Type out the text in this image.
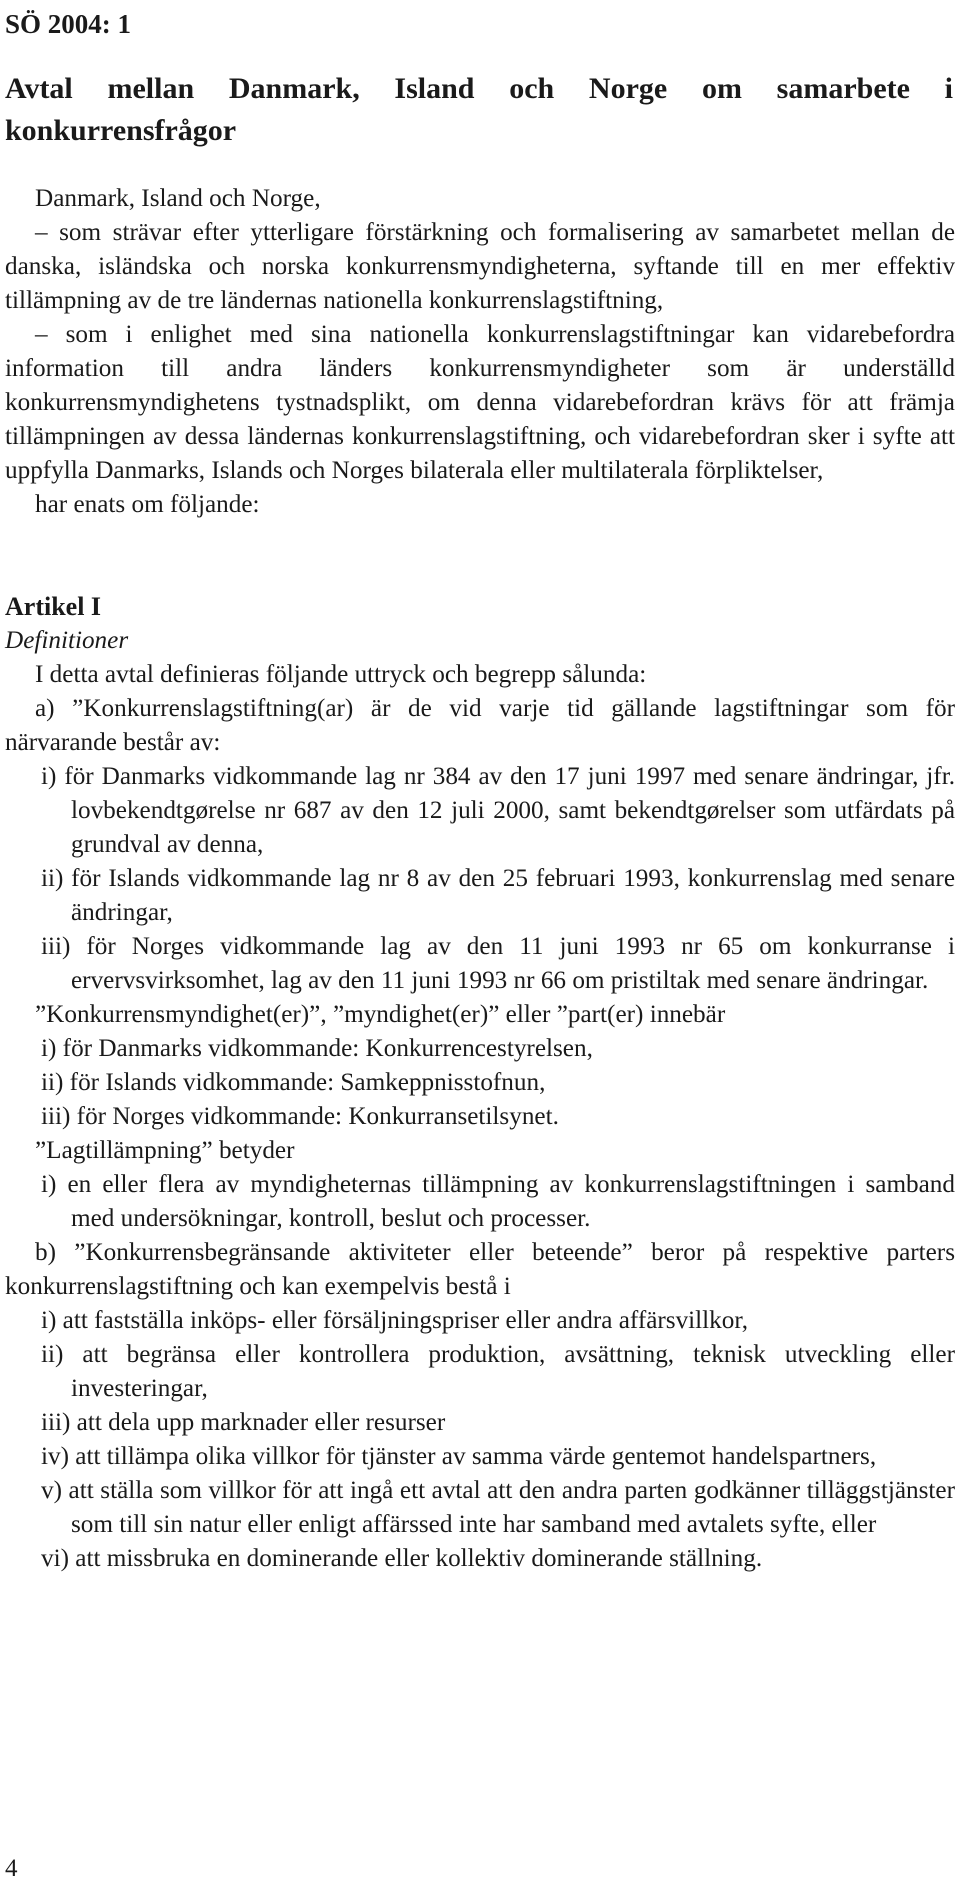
SÖ 2004: 1
Avtal mellan Danmark, Island och Norge om samarbete i konkurrensfrågor

Danmark, Island och Norge,

– som strävar efter ytterligare förstärkning och formalisering av samarbetet mellan de danska, isländska och norska konkurrensmyndigheterna, syftande till en mer effektiv tillämpning av de tre ländernas nationella konkurrenslagstiftning,

– som i enlighet med sina nationella konkurrenslagstiftningar kan vidarebefordra information till andra länders konkurrensmyndigheter som är underställd konkurrensmyndighetens tystnadsplikt, om denna vidarebefordran krävs för att främja tillämpningen av dessa ländernas konkurrenslagstiftning, och vidarebefordran sker i syfte att uppfylla Danmarks, Islands och Norges bilaterala eller multilaterala förpliktelser,

har enats om följande:

Artikel I

Definitioner

I detta avtal definieras följande uttryck och begrepp sålunda:

a) ”Konkurrenslagstiftning(ar) är de vid varje tid gällande lagstiftningar som för närvarande består av:

i) för Danmarks vidkommande lag nr 384 av den 17 juni 1997 med senare ändringar, jfr. lovbekendtgørelse nr 687 av den 12 juli 2000, samt bekendtgørelser som utfärdats på grundval av denna,

ii) för Islands vidkommande lag nr 8 av den 25 februari 1993, konkurrenslag med senare ändringar,

iii) för Norges vidkommande lag av den 11 juni 1993 nr 65 om konkurranse i ervervsvirksomhet, lag av den 11 juni 1993 nr 66 om pristiltak med senare ändringar.

”Konkurrensmyndighet(er)”, ”myndighet(er)” eller ”part(er) innebär

i) för Danmarks vidkommande: Konkurrencestyrelsen,

ii) för Islands vidkommande: Samkeppnisstofnun,

iii) för Norges vidkommande: Konkurransetilsynet.

”Lagtillämpning” betyder

i) en eller flera av myndigheternas tillämpning av konkurrenslagstiftningen i samband med undersökningar, kontroll, beslut och processer.

b) ”Konkurrensbegränsande aktiviteter eller beteende” beror på respektive parters konkurrenslagstiftning och kan exempelvis bestå i

i) att fastställa inköps- eller försäljningspriser eller andra affärsvillkor,

ii) att begränsa eller kontrollera produktion, avsättning, teknisk utveckling eller investeringar,

iii) att dela upp marknader eller resurser

iv) att tillämpa olika villkor för tjänster av samma värde gentemot handelspartners,

v) att ställa som villkor för att ingå ett avtal att den andra parten godkänner tilläggstjänster som till sin natur eller enligt affärssed inte har samband med avtalets syfte, eller

vi) att missbruka en dominerande eller kollektiv dominerande ställning.

4
